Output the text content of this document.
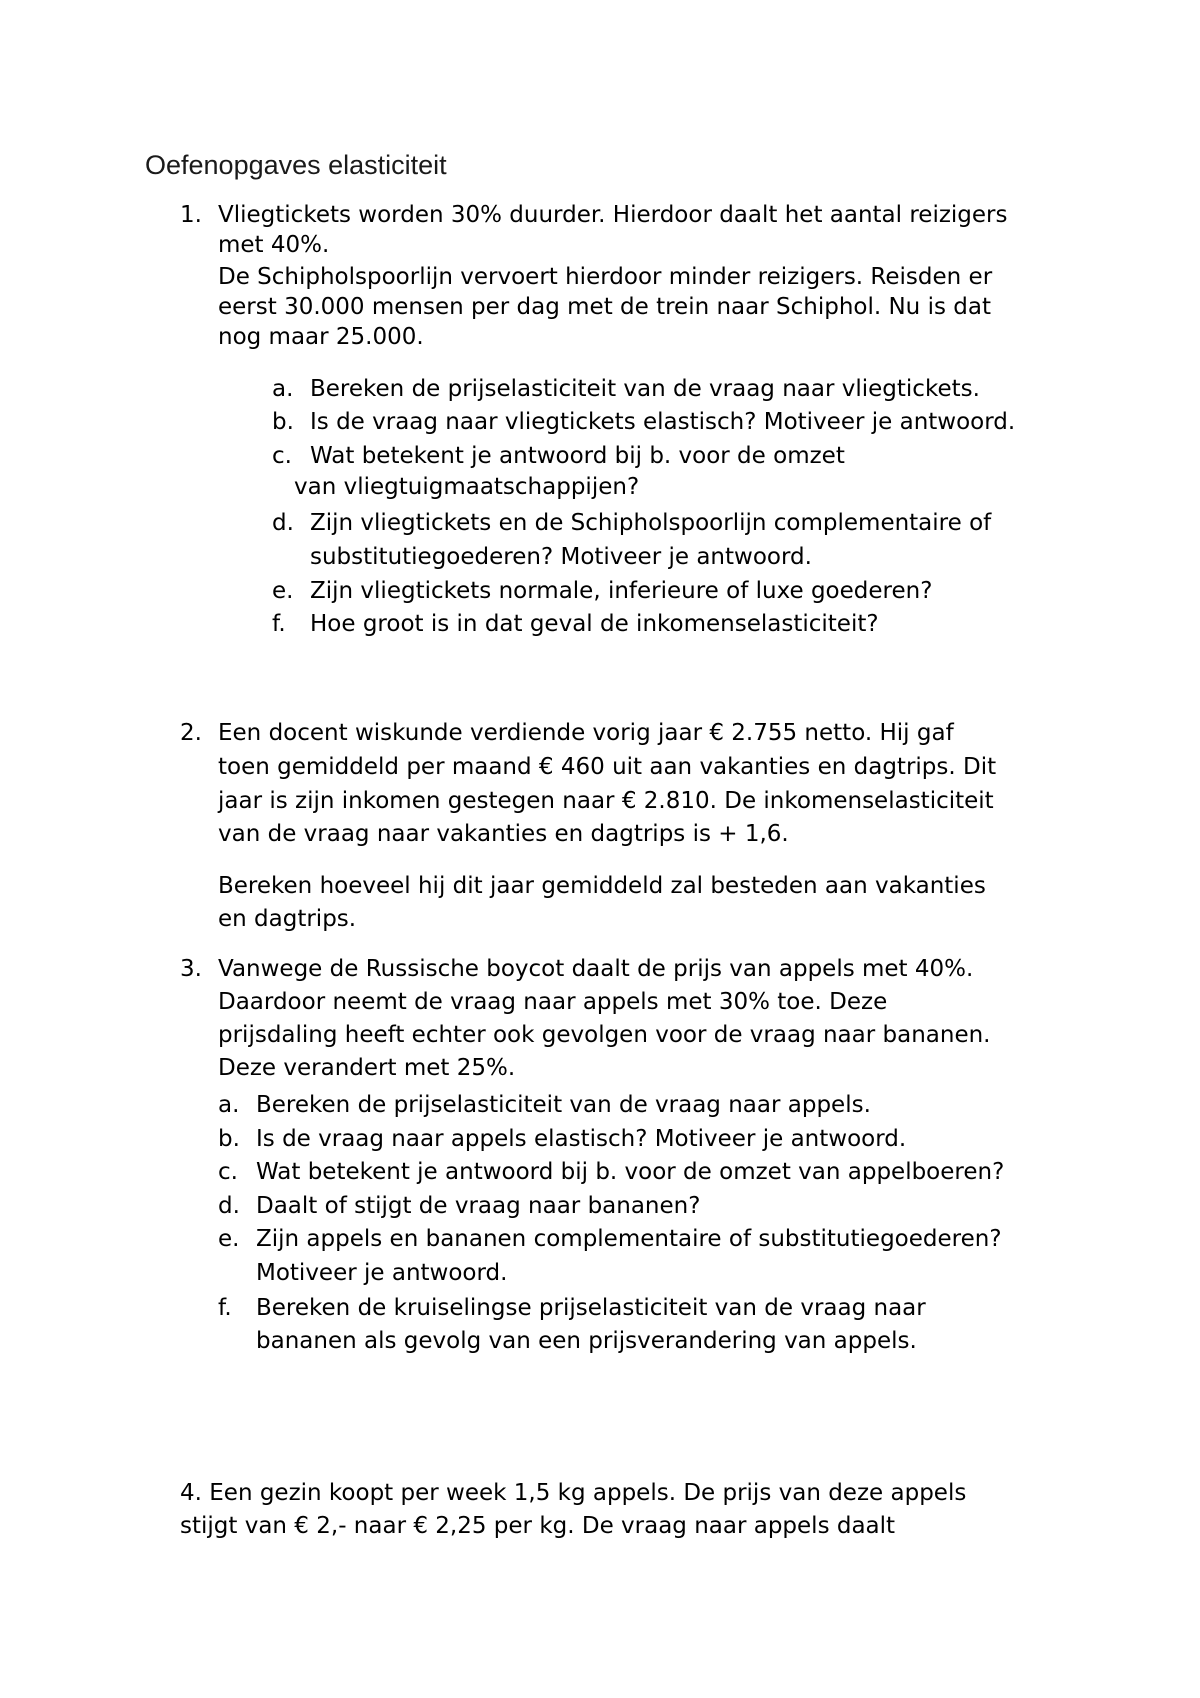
Oefenopgaves elasticiteit
1. Vliegtickets worden 30% duurder. Hierdoor daalt het aantal reizigers
met 40%.
De Schipholspoorlijn vervoert hierdoor minder reizigers. Reisden er
eerst 30.000 mensen per dag met de trein naar Schiphol. Nu is dat
nog maar 25.000.
a. Bereken de prijselasticiteit van de vraag naar vliegtickets.
b. Is de vraag naar vliegtickets elastisch? Motiveer je antwoord.
c. Wat betekent je antwoord bij b. voor de omzet
van vliegtuigmaatschappijen?
d. Zijn vliegtickets en de Schipholspoorlijn complementaire of
substitutiegoederen? Motiveer je antwoord.
e. Zijn vliegtickets normale, inferieure of luxe goederen?
f. Hoe groot is in dat geval de inkomenselasticiteit?
2. Een docent wiskunde verdiende vorig jaar € 2.755 netto. Hij gaf
toen gemiddeld per maand € 460 uit aan vakanties en dagtrips. Dit
jaar is zijn inkomen gestegen naar € 2.810. De inkomenselasticiteit
van de vraag naar vakanties en dagtrips is + 1,6.
Bereken hoeveel hij dit jaar gemiddeld zal besteden aan vakanties
en dagtrips.
3. Vanwege de Russische boycot daalt de prijs van appels met 40%.
Daardoor neemt de vraag naar appels met 30% toe. Deze
prijsdaling heeft echter ook gevolgen voor de vraag naar bananen.
Deze verandert met 25%.
a. Bereken de prijselasticiteit van de vraag naar appels.
b. Is de vraag naar appels elastisch? Motiveer je antwoord.
c. Wat betekent je antwoord bij b. voor de omzet van appelboeren?
d. Daalt of stijgt de vraag naar bananen?
e. Zijn appels en bananen complementaire of substitutiegoederen?
Motiveer je antwoord.
f. Bereken de kruiselingse prijselasticiteit van de vraag naar
bananen als gevolg van een prijsverandering van appels.
4. Een gezin koopt per week 1,5 kg appels. De prijs van deze appels
stijgt van € 2,- naar € 2,25 per kg. De vraag naar appels daalt
